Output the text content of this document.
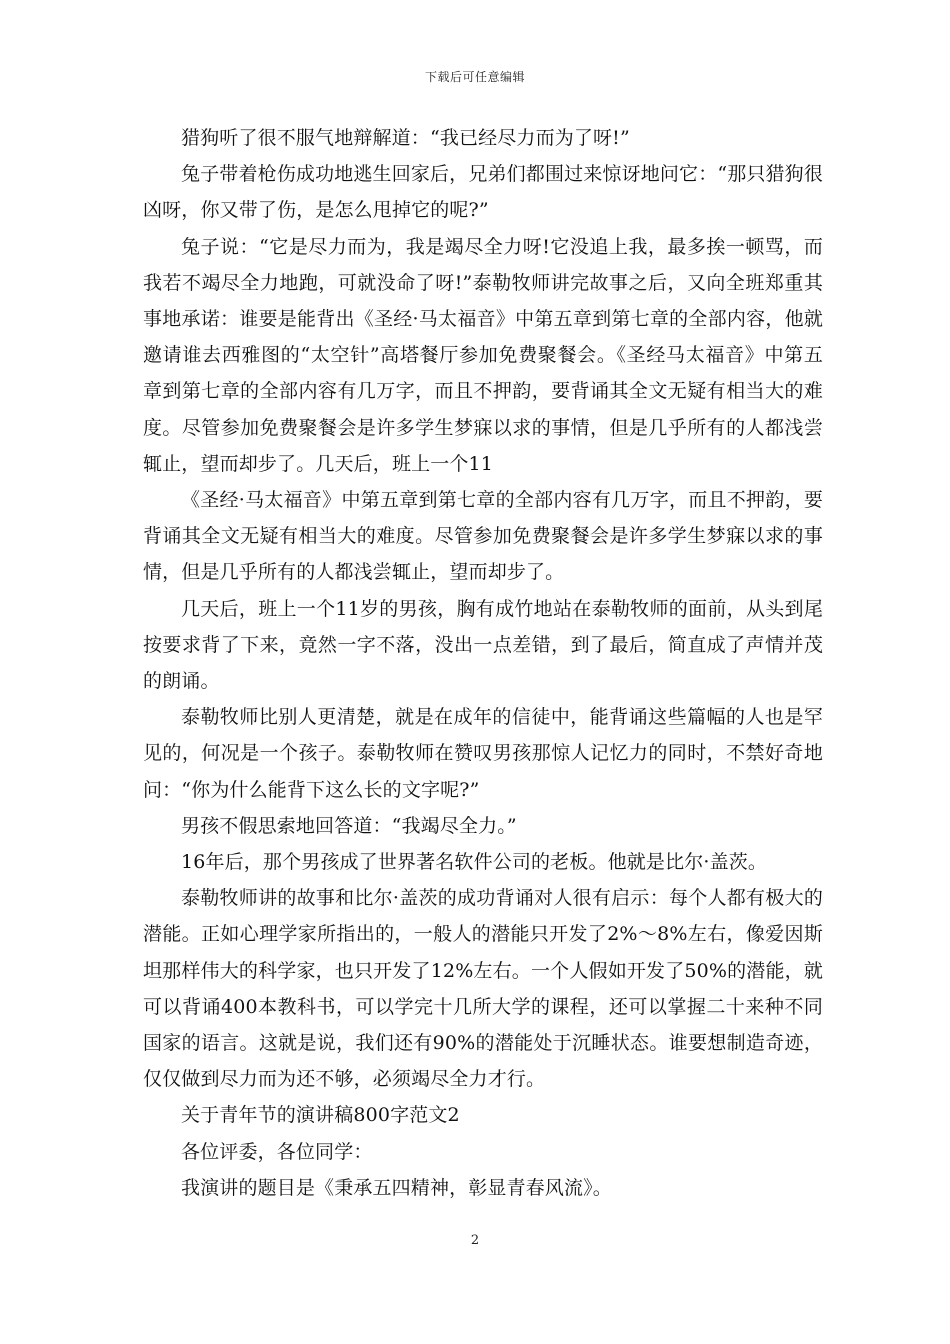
下载后可任意编辑

猎狗听了很不服气地辩解道：“我已经尽力而为了呀!”

兔子带着枪伤成功地逃生回家后，兄弟们都围过来惊讶地问它：“那只猎狗很凶呀，你又带了伤，是怎么甩掉它的呢?”

兔子说：“它是尽力而为，我是竭尽全力呀!它没追上我，最多挨一顿骂，而我若不竭尽全力地跑，可就没命了呀!”泰勒牧师讲完故事之后，又向全班郑重其事地承诺：谁要是能背出《圣经·马太福音》中第五章到第七章的全部内容，他就邀请谁去西雅图的“太空针”高塔餐厅参加免费聚餐会。《圣经马太福音》中第五章到第七章的全部内容有几万字，而且不押韵，要背诵其全文无疑有相当大的难度。尽管参加免费聚餐会是许多学生梦寐以求的事情，但是几乎所有的人都浅尝辄止，望而却步了。几天后，班上一个11

《圣经·马太福音》中第五章到第七章的全部内容有几万字，而且不押韵，要背诵其全文无疑有相当大的难度。尽管参加免费聚餐会是许多学生梦寐以求的事情，但是几乎所有的人都浅尝辄止，望而却步了。

几天后，班上一个11岁的男孩，胸有成竹地站在泰勒牧师的面前，从头到尾按要求背了下来，竟然一字不落，没出一点差错，到了最后，简直成了声情并茂的朗诵。

泰勒牧师比别人更清楚，就是在成年的信徒中，能背诵这些篇幅的人也是罕见的，何况是一个孩子。泰勒牧师在赞叹男孩那惊人记忆力的同时，不禁好奇地问：“你为什么能背下这么长的文字呢?”

男孩不假思索地回答道：“我竭尽全力。”

16年后，那个男孩成了世界著名软件公司的老板。他就是比尔·盖茨。

泰勒牧师讲的故事和比尔·盖茨的成功背诵对人很有启示：每个人都有极大的潜能。正如心理学家所指出的，一般人的潜能只开发了2%～8%左右，像爱因斯坦那样伟大的科学家，也只开发了12%左右。一个人假如开发了50%的潜能，就可以背诵400本教科书，可以学完十几所大学的课程，还可以掌握二十来种不同国家的语言。这就是说，我们还有90%的潜能处于沉睡状态。谁要想制造奇迹，仅仅做到尽力而为还不够，必须竭尽全力才行。

关于青年节的演讲稿800字范文2

各位评委，各位同学：

我演讲的题目是《秉承五四精神，彰显青春风流》。

2
